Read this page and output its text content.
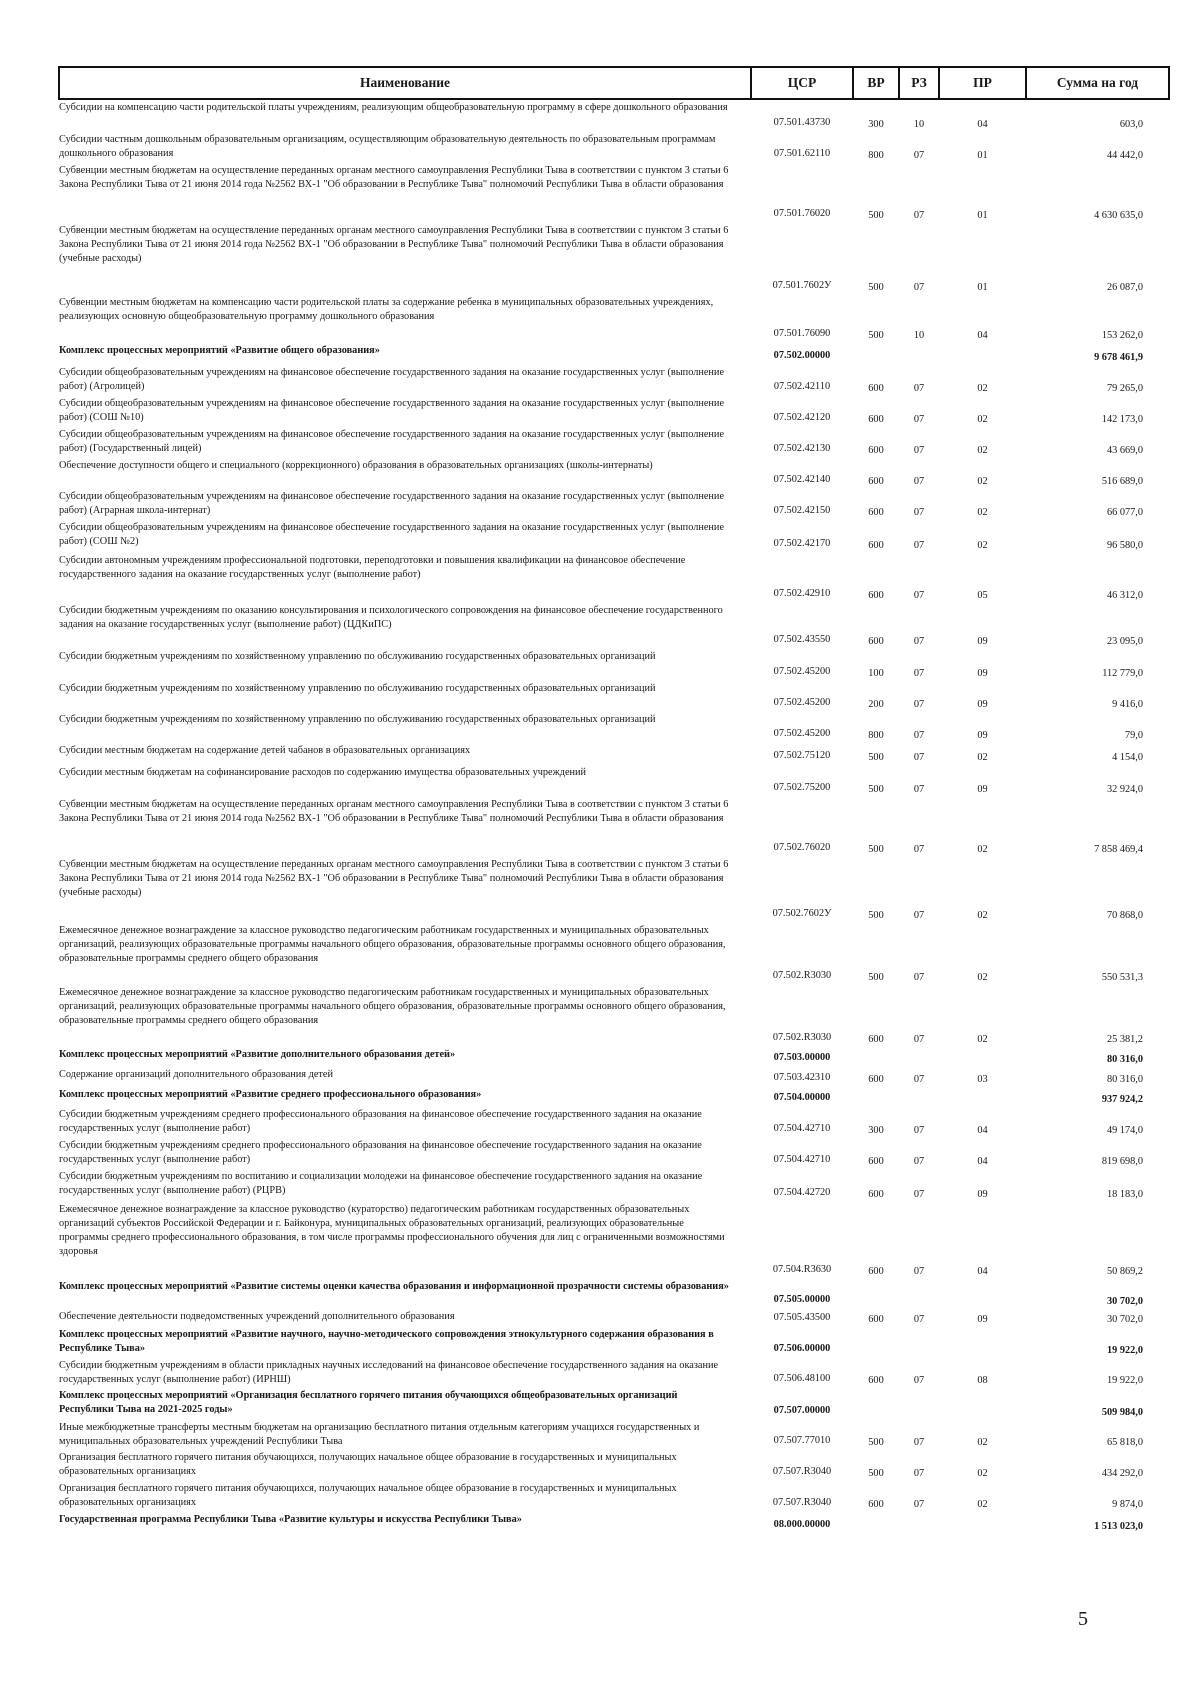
Наименование	ЦСР	ВР	РЗ	ПР	Сумма на год
Субсидии на компенсацию части родительской платы учреждениям, реализующим общеобразовательную программу в сфере дошкольного образования	07.501.43730	300	10	04	603,0
Субсидии частным дошкольным образовательным организациям, осуществляющим образовательную деятельность по образовательным программам дошкольного образования	07.501.62110	800	07	01	44 442,0
Субвенции местным бюджетам на осуществление переданных органам местного самоуправления Республики Тыва в соответствии с пунктом 3 статьи 6 Закона Республики Тыва от 21 июня 2014 года №2562 ВХ-1 "Об образовании в Республике Тыва" полномочий Республики Тыва в области образования	07.501.76020	500	07	01	4 630 635,0
Субвенции местным бюджетам на осуществление переданных органам местного самоуправления Республики Тыва в соответствии с пунктом 3 статьи 6 Закона Республики Тыва от 21 июня 2014 года №2562 ВХ-1 "Об образовании в Республике Тыва" полномочий Республики Тыва в области образования (учебные расходы)	07.501.7602У	500	07	01	26 087,0
Субвенции местным бюджетам на компенсацию части родительской платы за содержание ребенка в муниципальных образовательных учреждениях, реализующих основную общеобразовательную программу дошкольного образования	07.501.76090	500	10	04	153 262,0
Комплекс процессных мероприятий «Развитие общего образования»	07.502.00000				9 678 461,9
Субсидии общеобразовательным учреждениям на финансовое обеспечение государственного задания на оказание государственных услуг (выполнение работ) (Агролицей)	07.502.42110	600	07	02	79 265,0
Субсидии общеобразовательным учреждениям на финансовое обеспечение государственного задания на оказание государственных услуг (выполнение работ) (СОШ №10)	07.502.42120	600	07	02	142 173,0
Субсидии общеобразовательным учреждениям на финансовое обеспечение государственного задания на оказание государственных услуг (выполнение работ) (Государственный лицей)	07.502.42130	600	07	02	43 669,0
Обеспечение доступности общего и специального (коррекционного) образования в образовательных организациях (школы-интернаты)	07.502.42140	600	07	02	516 689,0
Субсидии общеобразовательным учреждениям на финансовое обеспечение государственного задания на оказание государственных услуг (выполнение работ) (Аграрная школа-интернат)	07.502.42150	600	07	02	66 077,0
Субсидии общеобразовательным учреждениям на финансовое обеспечение государственного задания на оказание государственных услуг (выполнение работ) (СОШ №2)	07.502.42170	600	07	02	96 580,0
Субсидии автономным учреждениям профессиональной подготовки, переподготовки и повышения квалификации на финансовое обеспечение государственного задания на оказание государственных услуг (выполнение работ)	07.502.42910	600	07	05	46 312,0
Субсидии бюджетным учреждениям по оказанию консультирования и психологического сопровождения на финансовое обеспечение государственного задания на оказание государственных услуг (выполнение работ) (ЦДКиПС)	07.502.43550	600	07	09	23 095,0
Субсидии бюджетным учреждениям по хозяйственному управлению по обслуживанию государственных образовательных организаций	07.502.45200	100	07	09	112 779,0
Субсидии бюджетным учреждениям по хозяйственному управлению по обслуживанию государственных образовательных организаций	07.502.45200	200	07	09	9 416,0
Субсидии бюджетным учреждениям по хозяйственному управлению по обслуживанию государственных образовательных организаций	07.502.45200	800	07	09	79,0
Субсидии местным бюджетам на содержание детей чабанов в образовательных организациях	07.502.75120	500	07	02	4 154,0
Субсидии местным бюджетам на софинансирование расходов по содержанию имущества образовательных учреждений	07.502.75200	500	07	09	32 924,0
Субвенции местным бюджетам на осуществление переданных органам местного самоуправления Республики Тыва в соответствии с пунктом 3 статьи 6 Закона Республики Тыва от 21 июня 2014 года №2562 ВХ-1 "Об образовании в Республике Тыва" полномочий Республики Тыва в области образования	07.502.76020	500	07	02	7 858 469,4
Субвенции местным бюджетам на осуществление переданных органам местного самоуправления Республики Тыва в соответствии с пунктом 3 статьи 6 Закона Республики Тыва от 21 июня 2014 года №2562 ВХ-1 "Об образовании в Республике Тыва" полномочий Республики Тыва в области образования (учебные расходы)	07.502.7602У	500	07	02	70 868,0
Ежемесячное денежное вознаграждение за классное руководство педагогическим работникам государственных и муниципальных образовательных организаций, реализующих образовательные программы начального общего образования, образовательные программы основного общего образования, образовательные программы среднего общего образования	07.502.R3030	500	07	02	550 531,3
Ежемесячное денежное вознаграждение за классное руководство педагогическим работникам государственных и муниципальных образовательных организаций, реализующих образовательные программы начального общего образования, образовательные программы основного общего образования, образовательные программы среднего общего образования	07.502.R3030	600	07	02	25 381,2
Комплекс процессных мероприятий «Развитие дополнительного образования детей»	07.503.00000				80 316,0
Содержание организаций дополнительного образования детей	07.503.42310	600	07	03	80 316,0
Комплекс процессных мероприятий «Развитие среднего профессионального образования»	07.504.00000				937 924,2
Субсидии бюджетным учреждениям среднего профессионального образования на финансовое обеспечение государственного задания на оказание государственных услуг (выполнение работ)	07.504.42710	300	07	04	49 174,0
Субсидии бюджетным учреждениям среднего профессионального образования на финансовое обеспечение государственного задания на оказание государственных услуг (выполнение работ)	07.504.42710	600	07	04	819 698,0
Субсидии бюджетным учреждениям по воспитанию и социализации молодежи на финансовое обеспечение государственного задания на оказание государственных услуг (выполнение работ) (РЦРВ)	07.504.42720	600	07	09	18 183,0
Ежемесячное денежное вознаграждение за классное руководство (кураторство) педагогическим работникам государственных образовательных организаций субъектов Российской Федерации и г. Байконура, муниципальных образовательных организаций, реализующих образовательные программы среднего профессионального образования, в том числе программы профессионального обучения для лиц с ограниченными возможностями здоровья	07.504.R3630	600	07	04	50 869,2
Комплекс процессных мероприятий «Развитие системы оценки качества образования и информационной прозрачности системы образования»	07.505.00000				30 702,0
Обеспечение деятельности подведомственных учреждений дополнительного образования	07.505.43500	600	07	09	30 702,0
Комплекс процессных мероприятий «Развитие научного, научно-методического сопровождения этнокультурного содержания образования в Республике Тыва»	07.506.00000				19 922,0
Субсидии бюджетным учреждениям в области прикладных научных исследований на финансовое обеспечение государственного задания на оказание государственных услуг (выполнение работ) (ИРНШ)	07.506.48100	600	07	08	19 922,0
Комплекс процессных мероприятий «Организация бесплатного горячего питания обучающихся общеобразовательных организаций Республики Тыва на 2021-2025 годы»	07.507.00000				509 984,0
Иные межбюджетные трансферты местным бюджетам на организацию бесплатного питания отдельным категориям учащихся государственных и муниципальных образовательных учреждений Республики Тыва	07.507.77010	500	07	02	65 818,0
Организация бесплатного горячего питания обучающихся, получающих начальное общее образование в государственных и муниципальных образовательных организациях	07.507.R3040	500	07	02	434 292,0
Организация бесплатного горячего питания обучающихся, получающих начальное общее образование в государственных и муниципальных образовательных организациях	07.507.R3040	600	07	02	9 874,0
Государственная программа Республики Тыва «Развитие культуры и искусства Республики Тыва»	08.000.00000				1 513 023,0
5
